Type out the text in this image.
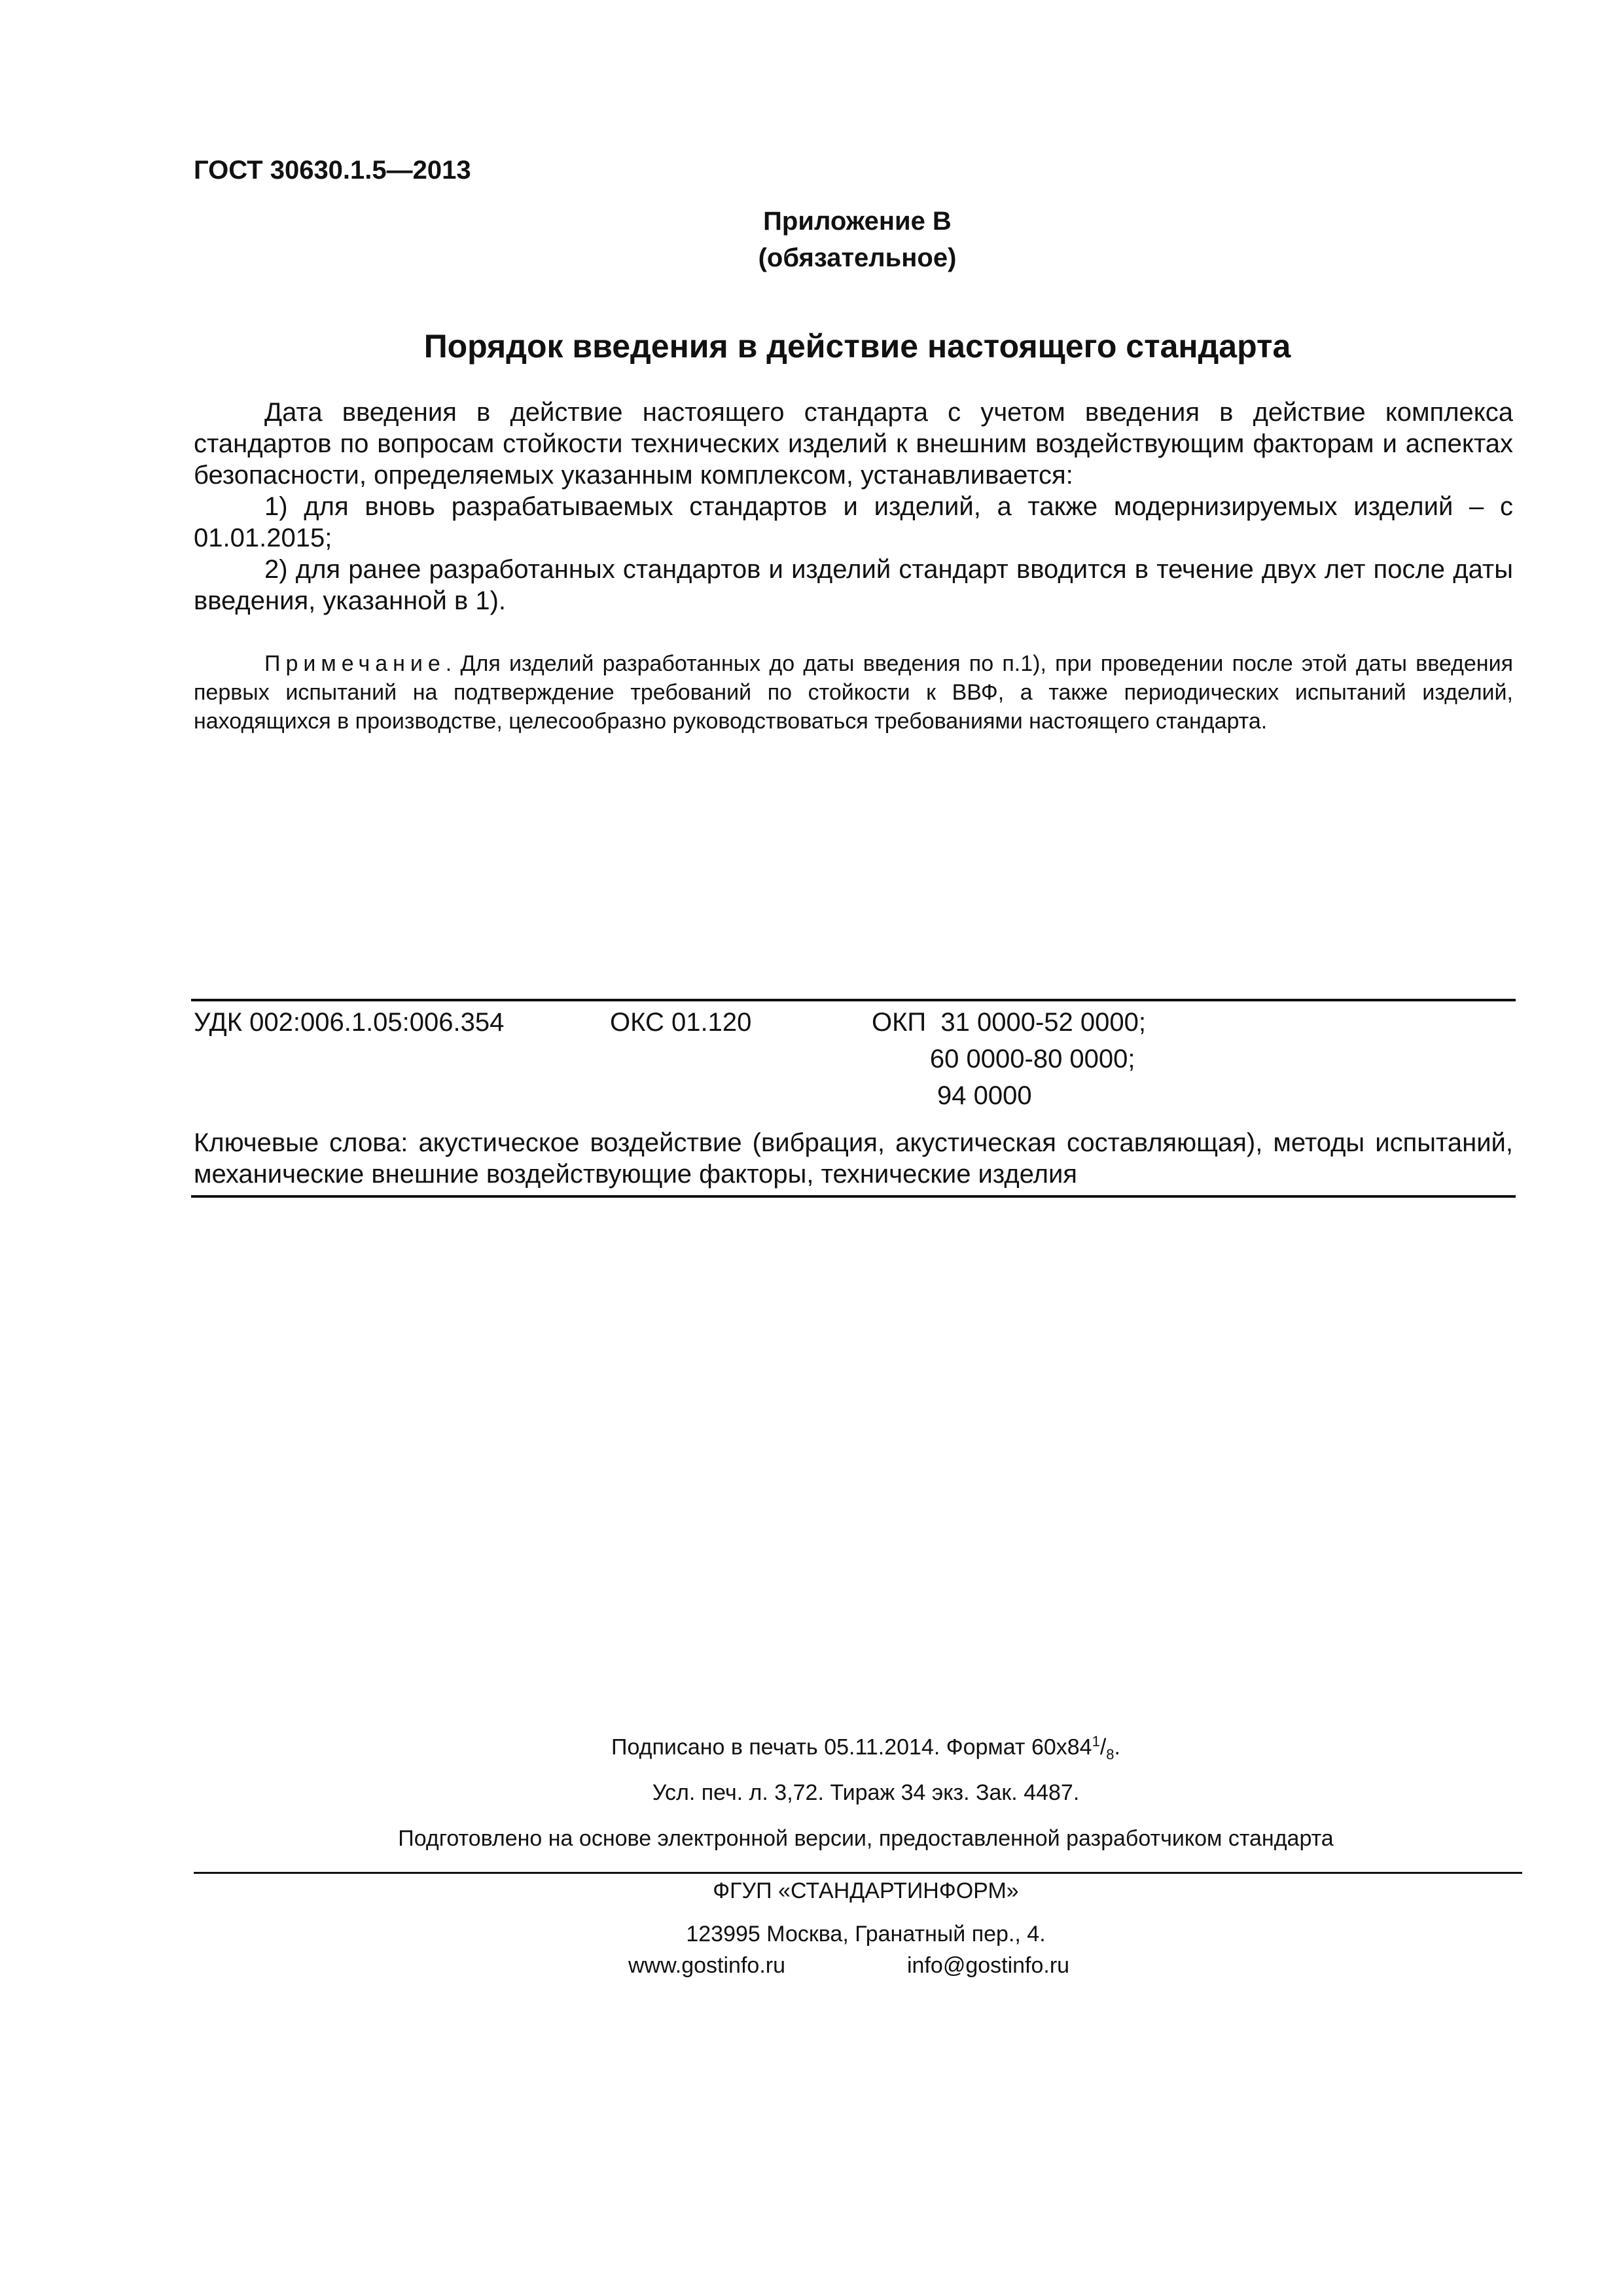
ГОСТ 30630.1.5—2013
Приложение В
(обязательное)
Порядок введения в действие настоящего стандарта

Дата введения в действие настоящего стандарта с учетом введения в действие комплекса стандартов по вопросам стойкости технических изделий к внешним воздействующим факторам и аспектах безопасности, определяемых указанным комплексом, устанавливается:

1) для вновь разрабатываемых стандартов и изделий, а также модернизируемых изделий – с 01.01.2015;

2) для ранее разработанных стандартов и изделий стандарт вводится в течение двух лет после даты введения, указанной в 1).

Примечание. Для изделий разработанных до даты введения по п.1), при проведении после этой даты введения первых испытаний на подтверждение требований по стойкости к ВВФ, а также периодических испытаний изделий, находящихся в производстве, целесообразно руководствоваться требованиями настоящего стандарта.
УДК 002:006.1.05:006.354	ОКС 01.120	ОКП  31 0000-52 0000;
60 0000-80 0000;
94 0000
Ключевые слова: акустическое воздействие (вибрация, акустическая составляющая), методы испытаний, механические внешние воздействующие факторы, технические изделия
Подписано в печать 05.11.2014. Формат $60х84^1/_8$.
Усл. печ. л. 3,72. Тираж 34 экз. Зак. 4487.
Подготовлено на основе электронной версии, предоставленной разработчиком стандарта
ФГУП «СТАНДАРТИНФОРМ»
123995 Москва, Гранатный пер., 4.
www.gostinfo.ru	info@gostinfo.ru
